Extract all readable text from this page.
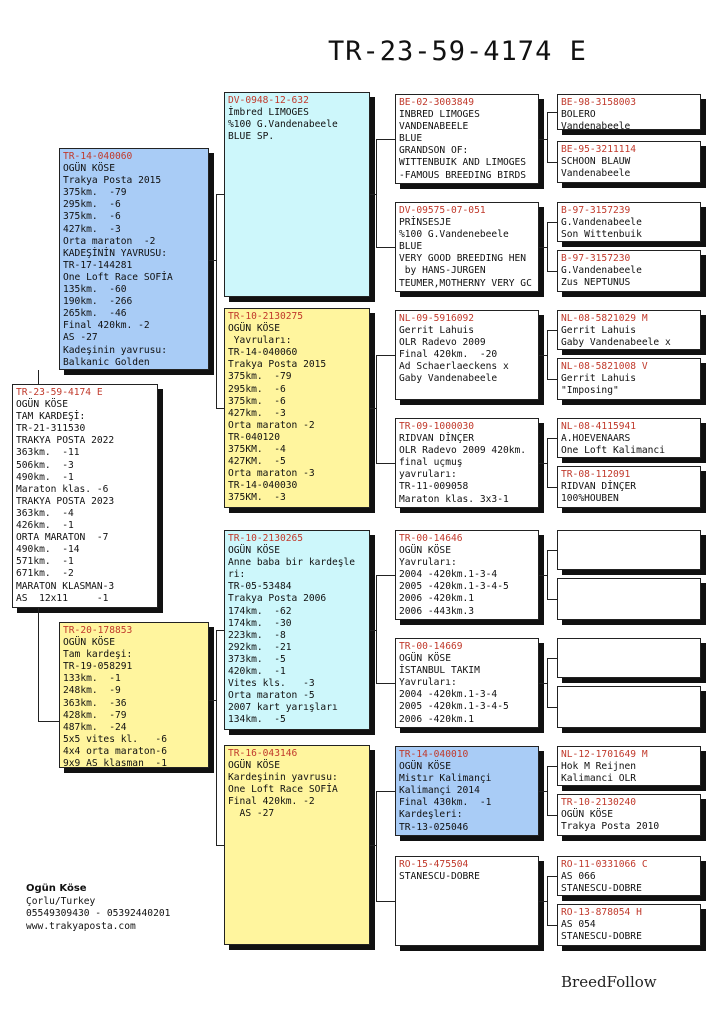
TR-23-59-4174 E
TR-23-59-4174 E
OGÜN KÖSE
TAM KARDEŞİ:
TR-21-311530
TRAKYA POSTA 2022
363km.  -11
506km.  -3
490km.  -1
Maraton klas. -6
TRAKYA POSTA 2023
363km.  -4
426km.  -1
ORTA MARATON  -7
490km.  -14
571km.  -1
671km.  -2
MARATON KLASMAN-3
AS  12x11     -1
TR-14-040060
OGÜN KÖSE
Trakya Posta 2015
375km.  -79
295km.  -6
375km.  -6
427km.  -3
Orta maraton  -2
KADEŞİNİN YAVRUSU:
TR-17-144281
One Loft Race SOFİA
135km.  -60
190km.  -266
265km.  -46
Final 420km. -2
AS -27
Kadeşinin yavrusu:
Balkanic Golden
TR-20-178853
OGÜN KÖSE
Tam kardeşi:
TR-19-058291
133km.  -1
248km.  -9
363km.  -36
428km.  -79
487km.  -24
5x5 vites kl.   -6
4x4 orta maraton-6
9x9 AS klasman  -1
DV-0948-12-632
İmbred LIMOGES
%100 G.Vandenabeele
BLUE SP.
TR-10-2130275
OGÜN KÖSE
Yavruları:
TR-14-040060
Trakya Posta 2015
375km.  -79
295km.  -6
375km.  -6
427km.  -3
Orta maraton -2
TR-040120
375KM.  -4
427KM.  -5
Orta maraton -3
TR-14-040030
375KM.  -3
TR-10-2130265
OGÜN KÖSE
Anne baba bir kardeşle
ri:
TR-05-53484
Trakya Posta 2006
174km.  -62
174km.  -30
223km.  -8
292km.  -21
373km.  -5
420km.  -1
Vites kls.   -3
Orta maraton -5
2007 kart yarışları
134km.  -5
TR-16-043146
OGÜN KÖSE
Kardeşinin yavrusu:
One Loft Race SOFİA
Final 420km. -2
AS -27
BE-02-3003849
INBRED LIMOGES
VANDENABEELE
BLUE
GRANDSON OF:
WITTENBUIK AND LIMOGES
-FAMOUS BREEDING BIRDS
DV-09575-07-051
PRİNSESJE
%100 G.Vandenebeele
BLUE
VERY GOOD BREEDING HEN
by HANS-JURGEN
TEUMER,MOTHERNY VERY GC
NL-09-5916092
Gerrit Lahuis
OLR Radevo 2009
Final 420km.  -20
Ad Schaerlaeckens x
Gaby Vandenabeele
TR-09-1000030
RIDVAN DİNÇER
OLR Radevo 2009 420km.
final uçmuş
yavruları:
TR-11-009058
Maraton klas. 3x3-1
TR-00-14646
OGÜN KÖSE
Yavruları:
2004 -420km.1-3-4
2005 -420km.1-3-4-5
2006 -420km.1
2006 -443km.3
TR-00-14669
OGÜN KÖSE
İSTANBUL TAKIM
Yavruları:
2004 -420km.1-3-4
2005 -420km.1-3-4-5
2006 -420km.1
TR-14-040010
OGÜN KÖSE
Mistır Kalimançi
Kalimançi 2014
Final 430km.  -1
Kardeşleri:
TR-13-025046
RO-15-475504
STANESCU-DOBRE
BE-98-3158003
BOLERO
Vandenabeele
BE-95-3211114
SCHOON BLAUW
Vandenabeele
B-97-3157239
G.Vandenabeele
Son Wittenbuik
B-97-3157230
G.Vandenabeele
Zus NEPTUNUS
NL-08-5821029 M
Gerrit Lahuis
Gaby Vandenabeele x
NL-08-5821008 V
Gerrit Lahuis
"Imposing"
NL-08-4115941
A.HOEVENAARS
One Loft Kalimanci
TR-08-112091
RIDVAN DİNÇER
100%HOUBEN
NL-12-1701649 M
Hok M Reijnen
Kalimanci OLR
TR-10-2130240
OGÜN KÖSE
Trakya Posta 2010
RO-11-0331066 C
AS 066
STANESCU-DOBRE
RO-13-878054 H
AS 054
STANESCU-DOBRE
Ogün Köse
Çorlu/Turkey
05549309430 - 05392440201
www.trakyaposta.com
BreedFollow
